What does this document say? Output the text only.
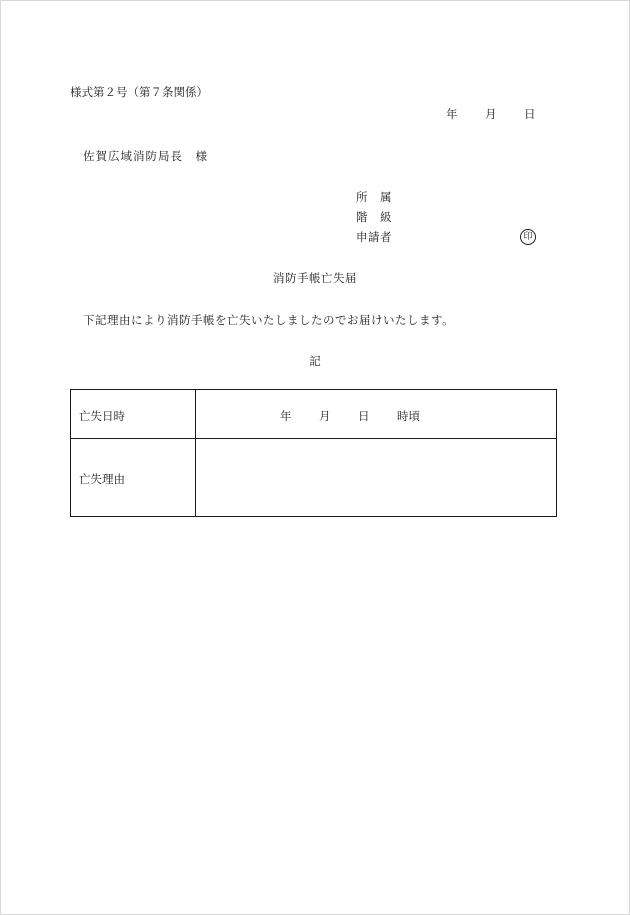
様式第２号（第７条関係）
年 月 日
佐賀広域消防局長　様
所　属
階　級
申請者	印
消防手帳亡失届
下記理由により消防手帳を亡失いたしましたのでお届けいたします。
記
亡失日時	年 月 日 時頃
亡失理由
